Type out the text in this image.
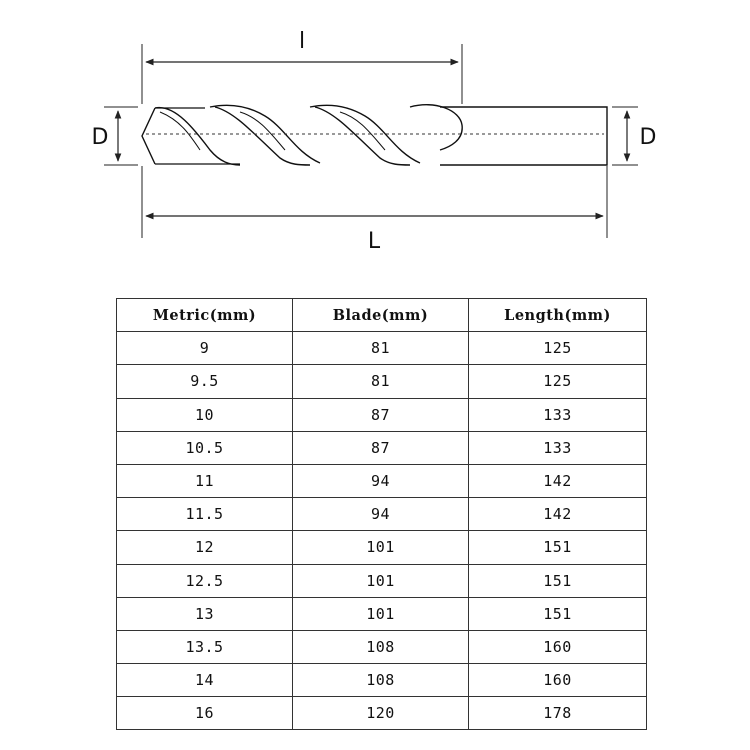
l
L
D	D
Metric(mm)	Blade(mm)	Length(mm)
9	81	125
9.5	81	125
10	87	133
10.5	87	133
11	94	142
11.5	94	142
12	101	151
12.5	101	151
13	101	151
13.5	108	160
14	108	160
16	120	178
